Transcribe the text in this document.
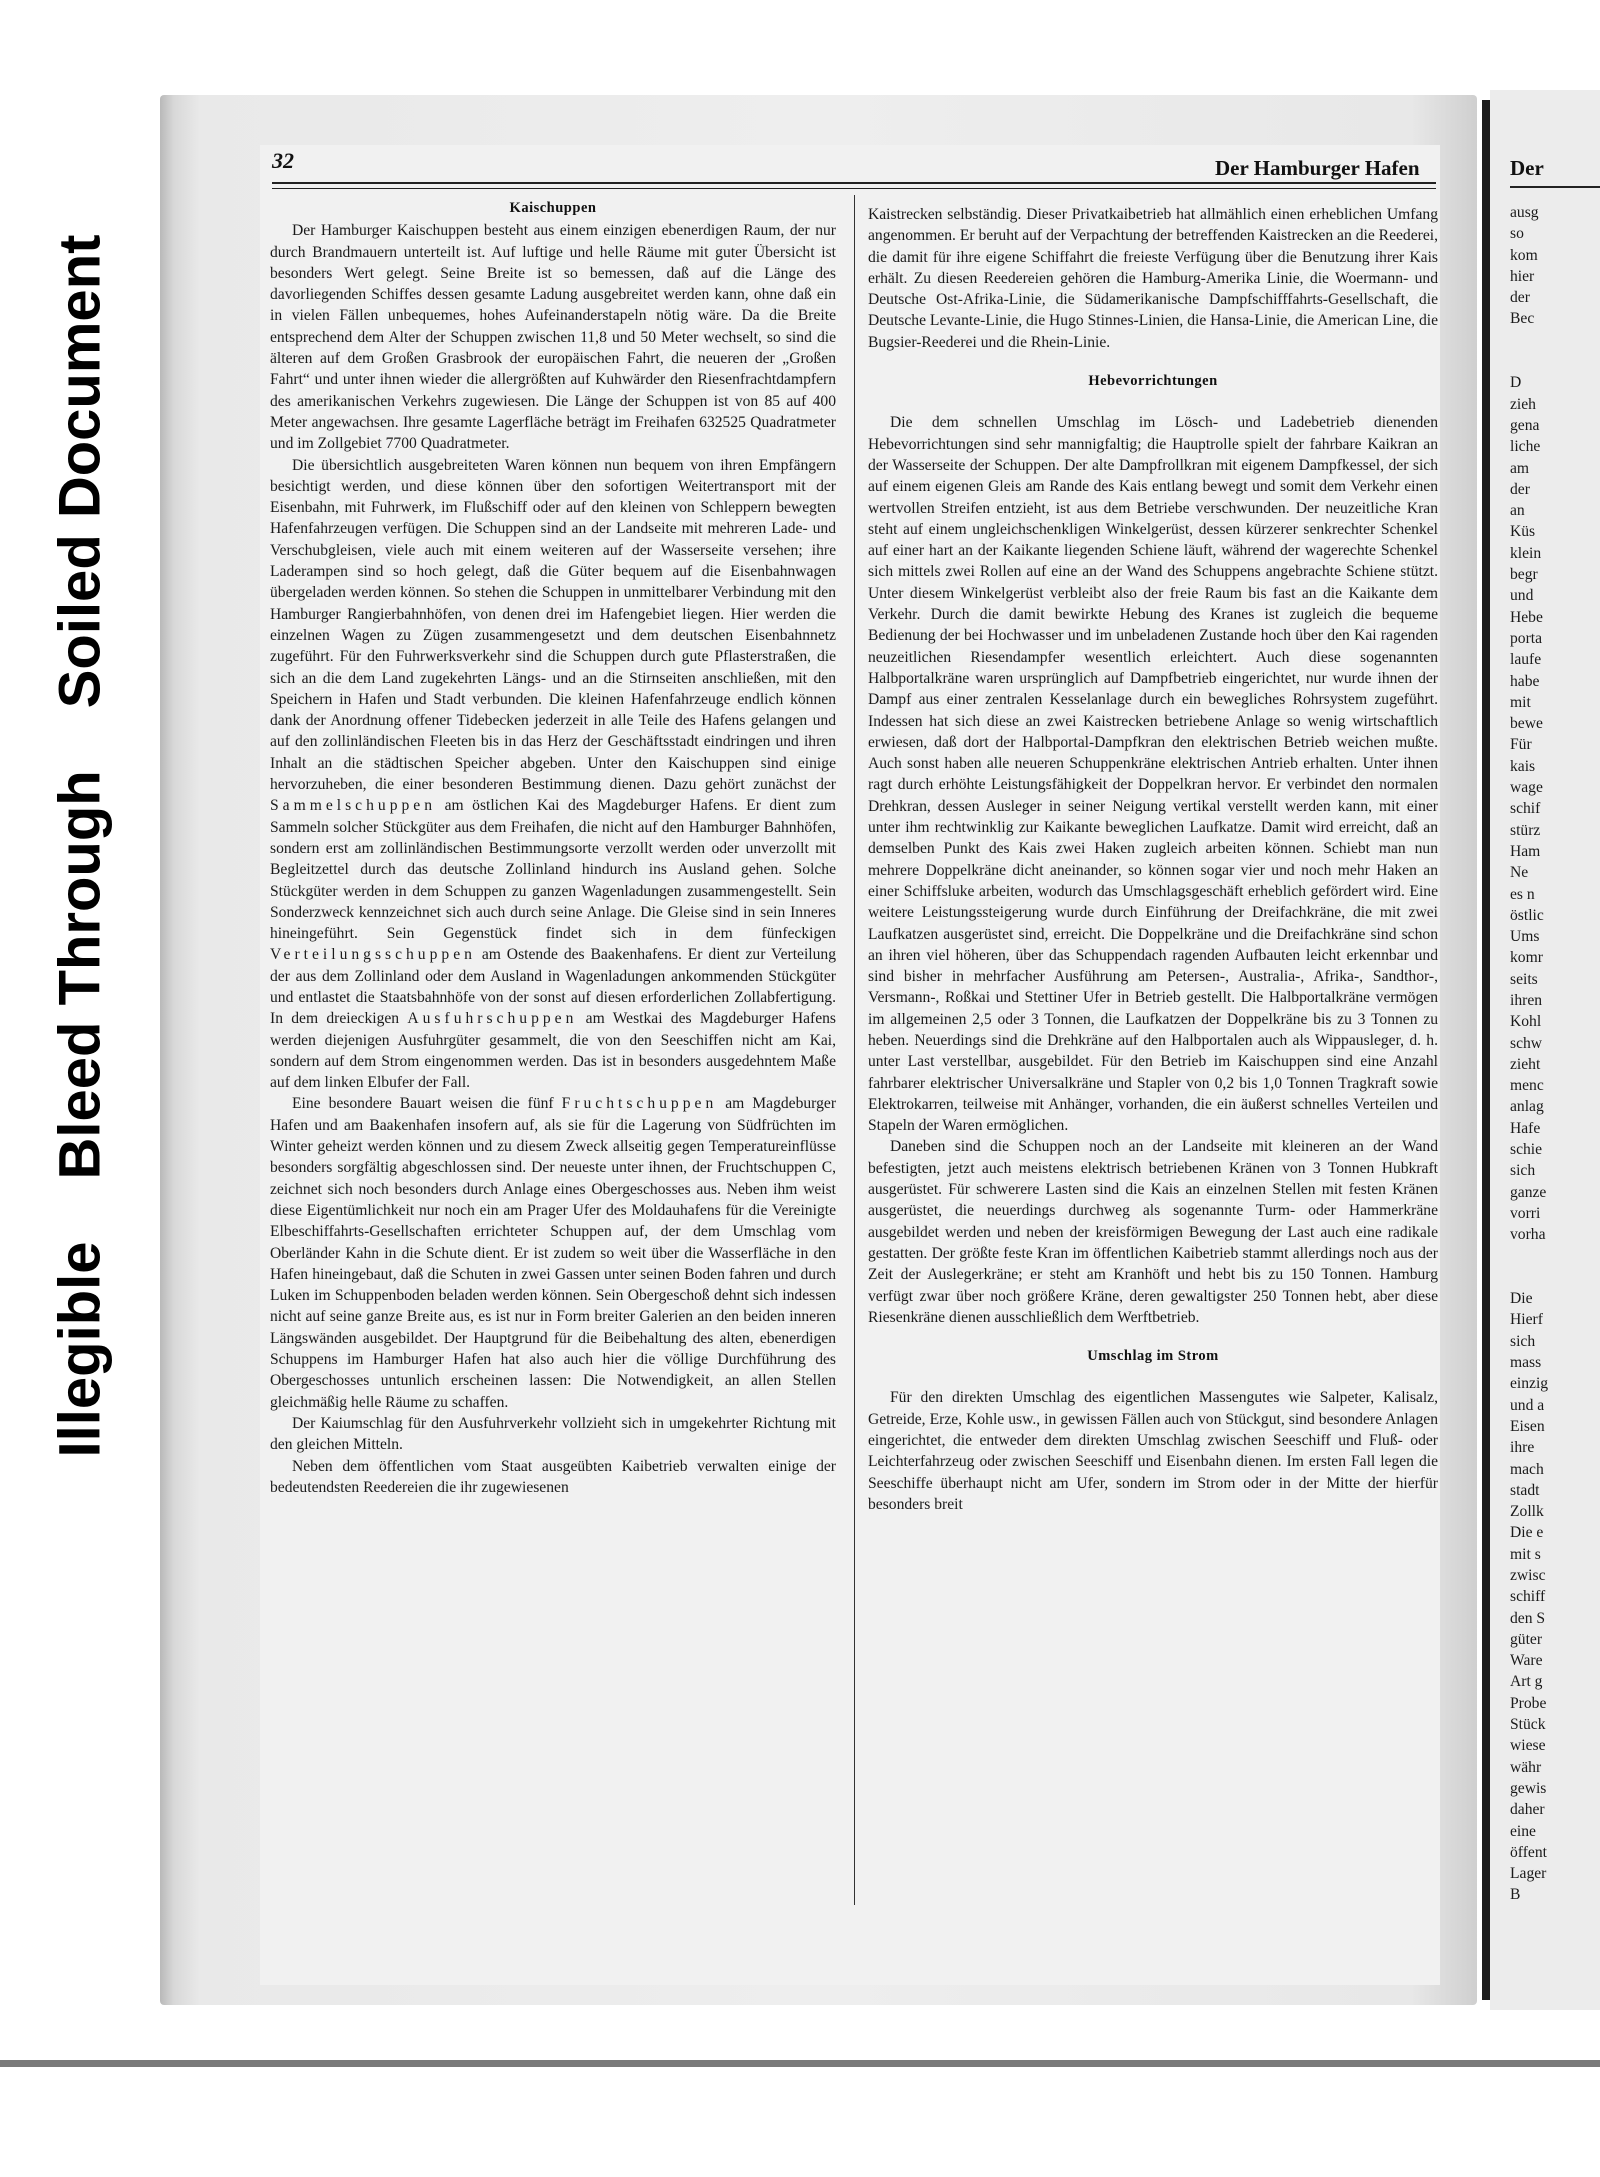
IllegibleBleed ThroughSoiled Document
32	Der Hamburger Hafen
Kaischuppen

Der Hamburger Kaischuppen besteht aus einem einzigen ebenerdigen Raum, der nur durch Brandmauern unterteilt ist. Auf luftige und helle Räume mit guter Übersicht ist besonders Wert gelegt. Seine Breite ist so bemessen, daß auf die Länge des davorliegenden Schiffes dessen gesamte Ladung ausgebreitet werden kann, ohne daß ein in vielen Fällen unbequemes, hohes Aufeinanderstapeln nötig wäre. Da die Breite entsprechend dem Alter der Schuppen zwischen 11,8 und 50 Meter wechselt, so sind die älteren auf dem Großen Grasbrook der europäischen Fahrt, die neueren der „Großen Fahrt“ und unter ihnen wieder die allergrößten auf Kuhwärder den Riesenfrachtdampfern des amerikanischen Verkehrs zugewiesen. Die Länge der Schuppen ist von 85 auf 400 Meter angewachsen. Ihre gesamte Lagerfläche beträgt im Freihafen 632525 Quadratmeter und im Zollgebiet 7700 Quadratmeter.

Die übersichtlich ausgebreiteten Waren können nun bequem von ihren Empfängern besichtigt werden, und diese können über den sofortigen Weitertransport mit der Eisenbahn, mit Fuhrwerk, im Flußschiff oder auf den kleinen von Schleppern bewegten Hafenfahrzeugen verfügen. Die Schuppen sind an der Landseite mit mehreren Lade- und Verschubgleisen, viele auch mit einem weiteren auf der Wasserseite versehen; ihre Laderampen sind so hoch gelegt, daß die Güter bequem auf die Eisenbahnwagen übergeladen werden können. So stehen die Schuppen in unmittelbarer Verbindung mit den Hamburger Rangierbahnhöfen, von denen drei im Hafengebiet liegen. Hier werden die einzelnen Wagen zu Zügen zusammengesetzt und dem deutschen Eisenbahnnetz zugeführt. Für den Fuhrwerksverkehr sind die Schuppen durch gute Pflasterstraßen, die sich an die dem Land zugekehrten Längs- und an die Stirnseiten anschließen, mit den Speichern in Hafen und Stadt verbunden. Die kleinen Hafenfahrzeuge endlich können dank der Anordnung offener Tidebecken jederzeit in alle Teile des Hafens gelangen und auf den zollinländischen Fleeten bis in das Herz der Geschäftsstadt eindringen und ihren Inhalt an die städtischen Speicher abgeben. Unter den Kaischuppen sind einige hervorzuheben, die einer besonderen Bestimmung dienen. Dazu gehört zunächst der Sammelschuppen am östlichen Kai des Magdeburger Hafens. Er dient zum Sammeln solcher Stückgüter aus dem Freihafen, die nicht auf den Hamburger Bahnhöfen, sondern erst am zollinländischen Bestimmungsorte verzollt werden oder unverzollt mit Begleitzettel durch das deutsche Zollinland hindurch ins Ausland gehen. Solche Stückgüter werden in dem Schuppen zu ganzen Wagenladungen zusammengestellt. Sein Sonderzweck kennzeichnet sich auch durch seine Anlage. Die Gleise sind in sein Inneres hineingeführt. Sein Gegenstück findet sich in dem fünfeckigen Verteilungsschuppen am Ostende des Baakenhafens. Er dient zur Verteilung der aus dem Zollinland oder dem Ausland in Wagenladungen ankommenden Stückgüter und entlastet die Staatsbahnhöfe von der sonst auf diesen erforderlichen Zollabfertigung. In dem dreieckigen Ausfuhrschuppen am Westkai des Magdeburger Hafens werden diejenigen Ausfuhrgüter gesammelt, die von den Seeschiffen nicht am Kai, sondern auf dem Strom eingenommen werden. Das ist in besonders ausgedehntem Maße auf dem linken Elbufer der Fall.

Eine besondere Bauart weisen die fünf Fruchtschuppen am Magdeburger Hafen und am Baakenhafen insofern auf, als sie für die Lagerung von Südfrüchten im Winter geheizt werden können und zu diesem Zweck allseitig gegen Temperatureinflüsse besonders sorgfältig abgeschlossen sind. Der neueste unter ihnen, der Fruchtschuppen C, zeichnet sich noch besonders durch Anlage eines Obergeschosses aus. Neben ihm weist diese Eigentümlichkeit nur noch ein am Prager Ufer des Moldauhafens für die Vereinigte Elbeschiffahrts-Gesellschaften errichteter Schuppen auf, der dem Umschlag vom Oberländer Kahn in die Schute dient. Er ist zudem so weit über die Wasserfläche in den Hafen hineingebaut, daß die Schuten in zwei Gassen unter seinen Boden fahren und durch Luken im Schuppenboden beladen werden können. Sein Obergeschoß dehnt sich indessen nicht auf seine ganze Breite aus, es ist nur in Form breiter Galerien an den beiden inneren Längswänden ausgebildet. Der Hauptgrund für die Beibehaltung des alten, ebenerdigen Schuppens im Hamburger Hafen hat also auch hier die völlige Durchführung des Obergeschosses untunlich erscheinen lassen: Die Notwendigkeit, an allen Stellen gleichmäßig helle Räume zu schaffen.

Der Kaiumschlag für den Ausfuhrverkehr vollzieht sich in umgekehrter Richtung mit den gleichen Mitteln.

Neben dem öffentlichen vom Staat ausgeübten Kaibetrieb verwalten einige der bedeutendsten Reedereien die ihr zugewiesenen

Kaistrecken selbständig. Dieser Privatkaibetrieb hat allmählich einen erheblichen Umfang angenommen. Er beruht auf der Verpachtung der betreffenden Kaistrecken an die Reederei, die damit für ihre eigene Schiffahrt die freieste Verfügung über die Benutzung ihrer Kais erhält. Zu diesen Reedereien gehören die Hamburg-Amerika Linie, die Woermann- und Deutsche Ost-Afrika-Linie, die Südamerikanische Dampfschifffahrts-Gesellschaft, die Deutsche Levante-Linie, die Hugo Stinnes-Linien, die Hansa-Linie, die American Line, die Bugsier-Reederei und die Rhein-Linie.

Hebevorrichtungen

Die dem schnellen Umschlag im Lösch- und Ladebetrieb dienenden Hebevorrichtungen sind sehr mannigfaltig; die Hauptrolle spielt der fahrbare Kaikran an der Wasserseite der Schuppen. Der alte Dampfrollkran mit eigenem Dampfkessel, der sich auf einem eigenen Gleis am Rande des Kais entlang bewegt und somit dem Verkehr einen wertvollen Streifen entzieht, ist aus dem Betriebe verschwunden. Der neuzeitliche Kran steht auf einem ungleichschenkligen Winkelgerüst, dessen kürzerer senkrechter Schenkel auf einer hart an der Kaikante liegenden Schiene läuft, während der wagerechte Schenkel sich mittels zwei Rollen auf eine an der Wand des Schuppens angebrachte Schiene stützt. Unter diesem Winkelgerüst verbleibt also der freie Raum bis fast an die Kaikante dem Verkehr. Durch die damit bewirkte Hebung des Kranes ist zugleich die bequeme Bedienung der bei Hochwasser und im unbeladenen Zustande hoch über den Kai ragenden neuzeitlichen Riesendampfer wesentlich erleichtert. Auch diese sogenannten Halbportalkräne waren ursprünglich auf Dampfbetrieb eingerichtet, nur wurde ihnen der Dampf aus einer zentralen Kesselanlage durch ein bewegliches Rohrsystem zugeführt. Indessen hat sich diese an zwei Kaistrecken betriebene Anlage so wenig wirtschaftlich erwiesen, daß dort der Halbportal-Dampfkran den elektrischen Betrieb weichen mußte. Auch sonst haben alle neueren Schuppenkräne elektrischen Antrieb erhalten. Unter ihnen ragt durch erhöhte Leistungsfähigkeit der Doppelkran hervor. Er verbindet den normalen Drehkran, dessen Ausleger in seiner Neigung vertikal verstellt werden kann, mit einer unter ihm rechtwinklig zur Kaikante beweglichen Laufkatze. Damit wird erreicht, daß an demselben Punkt des Kais zwei Haken zugleich arbeiten können. Schiebt man nun mehrere Doppelkräne dicht aneinander, so können sogar vier und noch mehr Haken an einer Schiffsluke arbeiten, wodurch das Umschlagsgeschäft erheblich gefördert wird. Eine weitere Leistungssteigerung wurde durch Einführung der Dreifachkräne, die mit zwei Laufkatzen ausgerüstet sind, erreicht. Die Doppelkräne und die Dreifachkräne sind schon an ihren viel höheren, über das Schuppendach ragenden Aufbauten leicht erkennbar und sind bisher in mehrfacher Ausführung am Petersen-, Australia-, Afrika-, Sandthor-, Versmann-, Roßkai und Stettiner Ufer in Betrieb gestellt. Die Halbportalkräne vermögen im allgemeinen 2,5 oder 3 Tonnen, die Laufkatzen der Doppelkräne bis zu 3 Tonnen zu heben. Neuerdings sind die Drehkräne auf den Halbportalen auch als Wippausleger, d. h. unter Last verstellbar, ausgebildet. Für den Betrieb im Kaischuppen sind eine Anzahl fahrbarer elektrischer Universalkräne und Stapler von 0,2 bis 1,0 Tonnen Tragkraft sowie Elektrokarren, teilweise mit Anhänger, vorhanden, die ein äußerst schnelles Verteilen und Stapeln der Waren ermöglichen.

Daneben sind die Schuppen noch an der Landseite mit kleineren an der Wand befestigten, jetzt auch meistens elektrisch betriebenen Kränen von 3 Tonnen Hubkraft ausgerüstet. Für schwerere Lasten sind die Kais an einzelnen Stellen mit festen Kränen ausgerüstet, die neuerdings durchweg als sogenannte Turm- oder Hammerkräne ausgebildet werden und neben der kreisförmigen Bewegung der Last auch eine radikale gestatten. Der größte feste Kran im öffentlichen Kaibetrieb stammt allerdings noch aus der Zeit der Auslegerkräne; er steht am Kranhöft und hebt bis zu 150 Tonnen. Hamburg verfügt zwar über noch größere Kräne, deren gewaltigster 250 Tonnen hebt, aber diese Riesenkräne dienen ausschließlich dem Werftbetrieb.

Umschlag im Strom

Für den direkten Umschlag des eigentlichen Massengutes wie Salpeter, Kalisalz, Getreide, Erze, Kohle usw., in gewissen Fällen auch von Stückgut, sind besondere Anlagen eingerichtet, die entweder dem direkten Umschlag zwischen Seeschiff und Fluß- oder Leichterfahrzeug oder zwischen Seeschiff und Eisenbahn dienen. Im ersten Fall legen die Seeschiffe überhaupt nicht am Ufer, sondern im Strom oder in der Mitte der hierfür besonders breit

Der
ausg
so
kom
hier
der
Bec
D
zieh
gena
liche
am
der
an
Küs
klein
begr
und
Hebe
porta
laufe
habe
mit
bewe
Für
kais
wage
schif
stürz
Ham
Ne
es n
östlic
Ums
komr
seits
ihren
Kohl
schw
zieht
menc
anlag
Hafe
schie
sich
ganze
vorri
vorha
Die
Hierf
sich
mass
einzig
und a
Eisen
ihre
mach
stadt
Zollk
Die e
mit s
zwisc
schiff
den S
güter
Ware
Art g
Probe
Stück
wiese
währ
gewis
daher
eine
öffent
Lager
B
